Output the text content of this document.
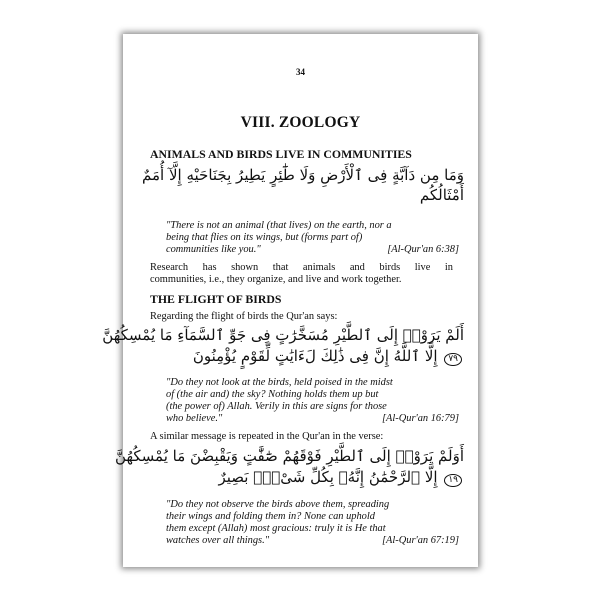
34
VIII. ZOOLOGY
ANIMALS AND BIRDS LIVE IN COMMUNITIES
وَمَا مِن دَآبَّةٍ فِى ٱلْأَرْضِ وَلَا طَٰٓئِرٍ يَطِيرُ بِجَنَاحَيْهِ إِلَّآ أُمَمٌ
أَمْثَالُكُم
"There is not an animal (that lives) on the earth, nor a
being that flies on its wings, but (forms part of)
communities like you."	[Al-Qur'an 6:38]
Research has shown that animals and birds live in
communities, i.e., they organize, and live and work together.
THE FLIGHT OF BIRDS
Regarding the flight of birds the Qur'an says:
أَلَمْ يَرَوْا۟ إِلَى ٱلطَّيْرِ مُسَخَّرَٰتٍ فِى جَوِّ ٱلسَّمَآءِ مَا يُمْسِكُهُنَّ
٧٩ إِلَّا ٱللَّهُ إِنَّ فِى ذَٰلِكَ لَءَايَٰتٍ لِّقَوْمٍ يُؤْمِنُونَ
"Do they not look at the birds, held poised in the midst
of (the air and) the sky? Nothing holds them up but
(the power of) Allah. Verily in this are signs for those
who believe."	[Al-Qur'an 16:79]
A similar message is repeated in the Qur'an in the verse:
أَوَلَمْ يَرَوْا۟ إِلَى ٱلطَّيْرِ فَوْقَهُمْ صَٰٓفَّٰتٍ وَيَقْبِضْنَ مَا يُمْسِكُهُنَّ
١٩ إِلَّا ٱلرَّحْمَٰنُ إِنَّهُۥ بِكُلِّ شَىْءٍۭ بَصِيرٌ
"Do they not observe the birds above them, spreading
their wings and folding them in? None can uphold
them except (Allah) most gracious: truly it is He that
watches over all things."	[Al-Qur'an 67:19]
